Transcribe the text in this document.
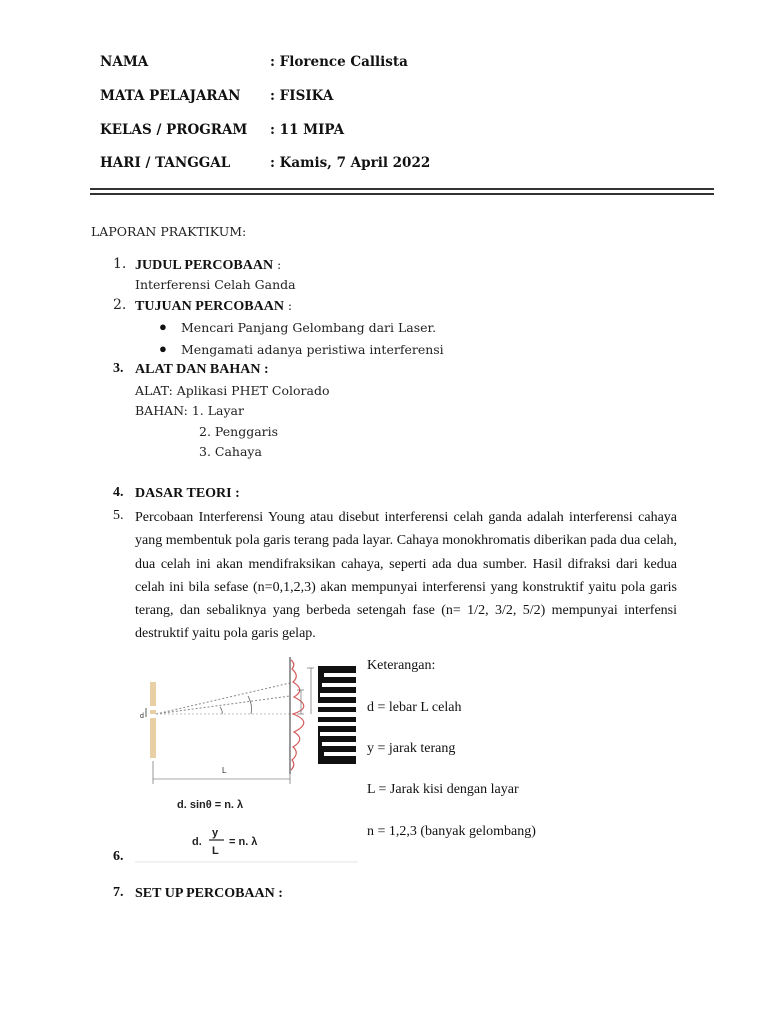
NAMA	: Florence Callista
MATA PELAJARAN : FISIKA
KELAS / PROGRAM : 11 MIPA
HARI / TANGGAL	: Kamis, 7 April 2022
LAPORAN PRAKTIKUM:
1. JUDUL PERCOBAAN :
Interferensi Celah Ganda
2. TUJUAN PERCOBAAN :
● Mencari Panjang Gelombang dari Laser.
● Mengamati adanya peristiwa interferensi
3. ALAT DAN BAHAN :
ALAT: Aplikasi PHET Colorado
BAHAN: 1. Layar
2. Penggaris
3. Cahaya
4. DASAR TEORI :
5. Percobaan Interferensi Young atau disebut interferensi celah ganda adalah interferensi cahaya yang membentuk pola garis terang pada layar. Cahaya monokhromatis diberikan pada dua celah, dua celah ini akan mendifraksikan cahaya, seperti ada dua sumber. Hasil difraksi dari kedua celah ini bila sefase (n=0,1,2,3) akan mempunyai interferensi yang konstruktif yaitu pola garis terang, dan sebaliknya yang berbeda setengah fase (n= 1/2, 3/2, 5/2) mempunyai interfensi destruktif yaitu pola garis gelap.
d
L
d. sinθ = n. λ
d.
y
L
= n. λ
Keterangan:
d = lebar L celah
y = jarak terang
L = Jarak kisi dengan layar
n = 1,2,3 (banyak gelombang)
6.
7. SET UP PERCOBAAN :
